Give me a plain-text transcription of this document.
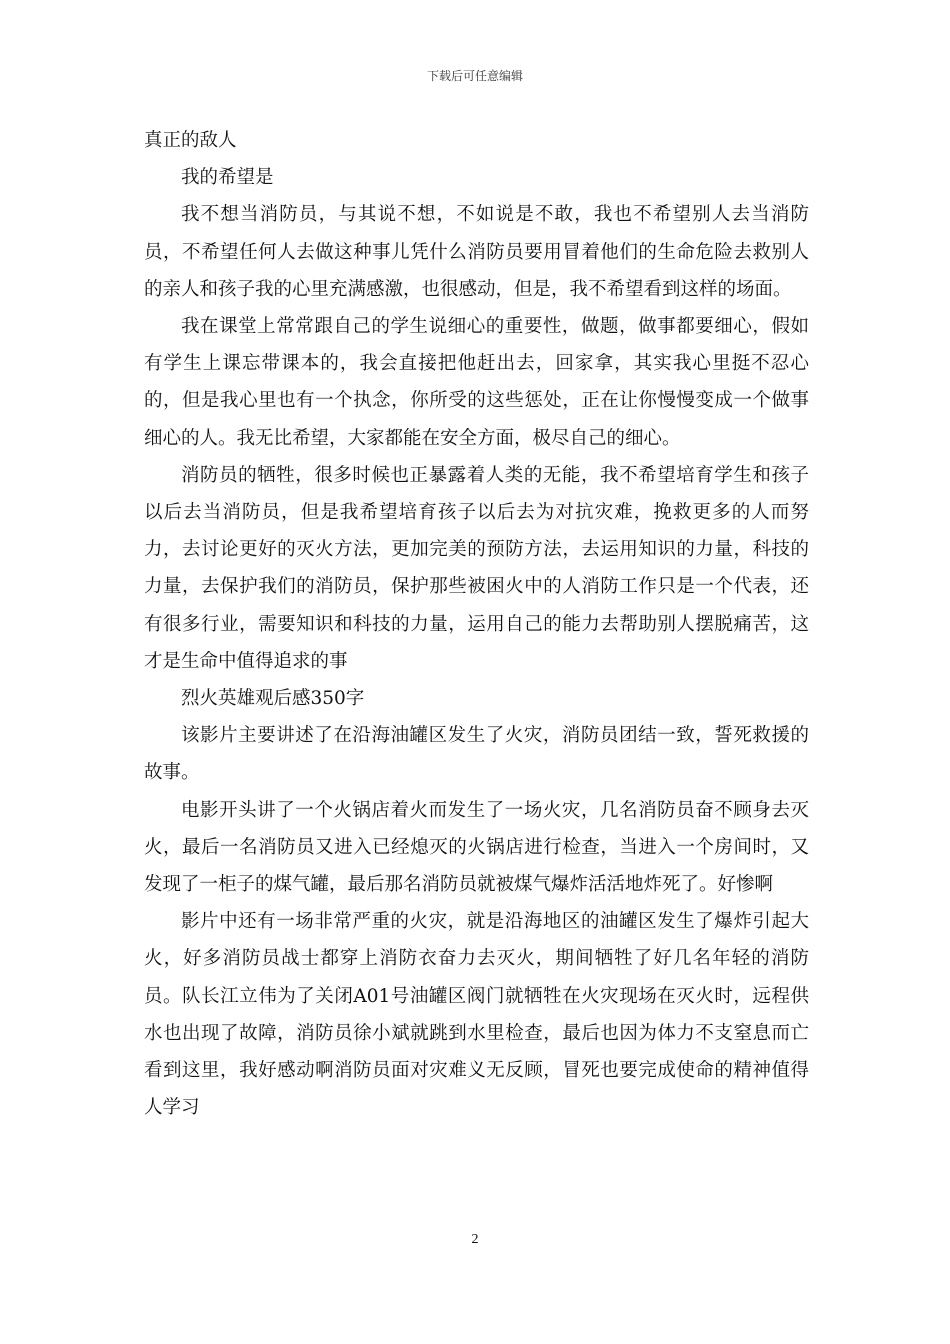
下载后可任意编辑

真正的敌人

我的希望是

我不想当消防员，与其说不想，不如说是不敢，我也不希望别人去当消防员，不希望任何人去做这种事儿凭什么消防员要用冒着他们的生命危险去救别人的亲人和孩子我的心里充满感激，也很感动，但是，我不希望看到这样的场面。

我在课堂上常常跟自己的学生说细心的重要性，做题，做事都要细心，假如有学生上课忘带课本的，我会直接把他赶出去，回家拿，其实我心里挺不忍心的，但是我心里也有一个执念，你所受的这些惩处，正在让你慢慢变成一个做事细心的人。我无比希望，大家都能在安全方面，极尽自己的细心。

消防员的牺牲，很多时候也正暴露着人类的无能，我不希望培育学生和孩子以后去当消防员，但是我希望培育孩子以后去为对抗灾难，挽救更多的人而努力，去讨论更好的灭火方法，更加完美的预防方法，去运用知识的力量，科技的力量，去保护我们的消防员，保护那些被困火中的人消防工作只是一个代表，还有很多行业，需要知识和科技的力量，运用自己的能力去帮助别人摆脱痛苦，这才是生命中值得追求的事

烈火英雄观后感350字

该影片主要讲述了在沿海油罐区发生了火灾，消防员团结一致，誓死救援的故事。

电影开头讲了一个火锅店着火而发生了一场火灾，几名消防员奋不顾身去灭火，最后一名消防员又进入已经熄灭的火锅店进行检查，当进入一个房间时，又发现了一柜子的煤气罐，最后那名消防员就被煤气爆炸活活地炸死了。好惨啊

影片中还有一场非常严重的火灾，就是沿海地区的油罐区发生了爆炸引起大火，好多消防员战士都穿上消防衣奋力去灭火，期间牺牲了好几名年轻的消防员。队长江立伟为了关闭A01号油罐区阀门就牺牲在火灾现场在灭火时，远程供水也出现了故障，消防员徐小斌就跳到水里检查，最后也因为体力不支窒息而亡看到这里，我好感动啊消防员面对灾难义无反顾，冒死也要完成使命的精神值得人学习

2
